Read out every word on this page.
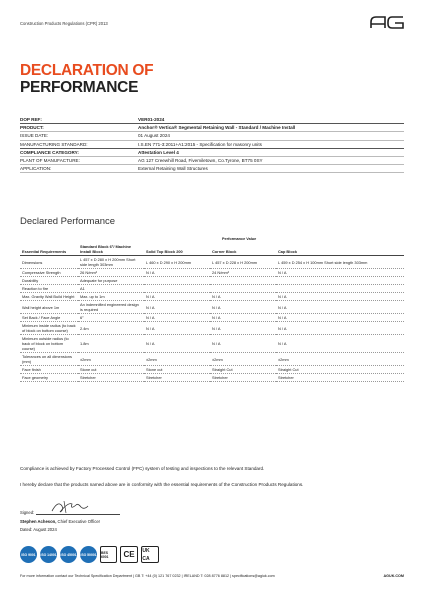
Construction Products Regulations (CPR) 2013
DECLARATION OF
PERFORMANCE
DOP REF:	VER01-2024
PRODUCT:	Anchor® Vertica® Segmental Retaining Wall - Standard / Machine Install
ISSUE DATE:	01 August 2024
MANUFACTURING STANDARD:	I.S.EN 771-3:2011+A1:2015 - Specification for masonry units
COMPLIANCE CATEGORY:	Attestation Level 4
PLANT OF MANUFACTURE:	AG 127 Creewhill Road, Fivemiletown, Co.Tyrone, BT75 0SY
APPLICATION:	External Retaining Wall Structures
Declared Performance
Performance Value
Essential Requirements	Standard Block 6°/ Machine Install Block	Solid Top Block 200	Corner Block	Cap Block
Dimensions	L 457 x D 280 x H 200mm Short side length 303mm	L 460 x D 290 x H 200mm	L 457 x D 228 x H 200mm	L 459 x D 254 x H 100mm Short side length 303mm
Compressive Strength	26 N/mm²	N / A	24 N/mm²	N / A
Durability	Adequate for purpose			
Reaction to fire	A1			
Max. Gravity Wall Build Height	Max. up to 1m	N / A	N / A	N / A
Wall height above 1m	An indemnified engineered design is required	N / A	N / A	N / A
Set Back / Face Angle	6°	N / A	N / A	N / A
Minimum inside radius (to back of block on bottom course)	2.4m	N / A	N / A	N / A
Minimum outside radius (to back of block on bottom course)	1.8m	N / A	N / A	N / A
Tolerances on all dimensions (mm)	±2mm	±2mm	±2mm	±2mm
Face finish	Stone cut	Stone cut	Straight Cut	Straight Cut
Face geometry	Stretcher	Stretcher	Stretcher	Stretcher
Compliance is achieved by Factory Processed Control (FPC) system of testing and inspections to the relevant Standard.
I hereby declare that the products named above are in conformity with the essential requirements of the Construction Products Regulations.
Signed:
Stephen Acheson, Chief Executive Officer
Dated: August 2024
ISO 9001	ISO 14001 ISO 45001 ISO 50001 BES 6001	CE	UK
CA
For more information contact our Technical Specification Department | GB T: +44 (0) 121 767 0232 | IRELAND T: 028 8776 8812 | specifications@agiuk.com	AGUK.COM
